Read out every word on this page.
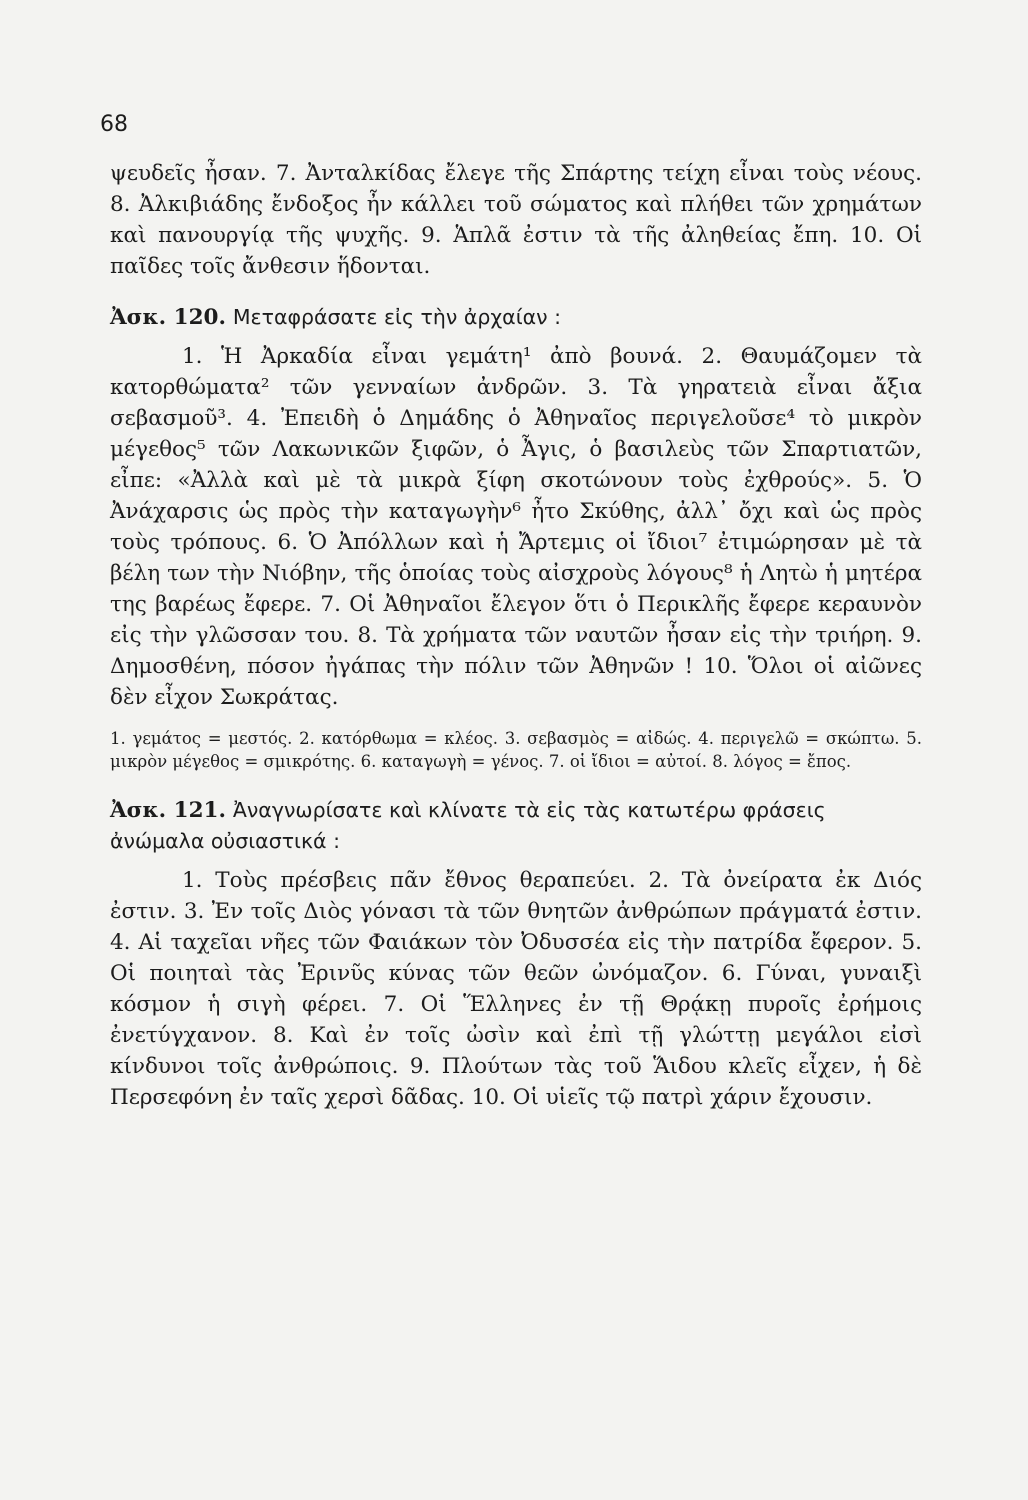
68

ψευδεῖς ἦσαν. 7. Ἀνταλκίδας ἔλεγε τῆς Σπάρτης τείχη εἶναι τοὺς νέους. 8. Ἀλκιβιάδης ἔνδοξος ἦν κάλλει τοῦ σώματος καὶ πλήθει τῶν χρημάτων καὶ πανουργίᾳ τῆς ψυχῆς. 9. Ἁπλᾶ ἐστιν τὰ τῆς ἀληθείας ἔπη. 10. Οἱ παῖδες τοῖς ἄνθεσιν ἥδονται.

Ἀσκ. 120. Μεταφράσατε εἰς τὴν ἀρχαίαν :

1. Ἡ Ἀρκαδία εἶναι γεμάτη¹ ἀπὸ βουνά. 2. Θαυμάζομεν τὰ κατορθώματα² τῶν γενναίων ἀνδρῶν. 3. Τὰ γηρατειὰ εἶναι ἄξια σεβασμοῦ³. 4. Ἐπειδὴ ὁ Δημάδης ὁ Ἀθηναῖος περιγελοῦσε⁴ τὸ μικρὸν μέγεθος⁵ τῶν Λακωνικῶν ξιφῶν, ὁ Ἆγις, ὁ βασιλεὺς τῶν Σπαρτιατῶν, εἶπε: «Ἀλλὰ καὶ μὲ τὰ μικρὰ ξίφη σκοτώνουν τοὺς ἐχθρούς». 5. Ὁ Ἀνάχαρσις ὡς πρὸς τὴν καταγωγὴν⁶ ἦτο Σκύθης, ἀλλ᾽ ὄχι καὶ ὡς πρὸς τοὺς τρόπους. 6. Ὁ Ἀπόλλων καὶ ἡ Ἄρτεμις οἱ ἴδιοι⁷ ἐτιμώρησαν μὲ τὰ βέλη των τὴν Νιόβην, τῆς ὁποίας τοὺς αἰσχροὺς λόγους⁸ ἡ Λητὼ ἡ μητέρα της βαρέως ἔφερε. 7. Οἱ Ἀθηναῖοι ἔλεγον ὅτι ὁ Περικλῆς ἔφερε κεραυνὸν εἰς τὴν γλῶσσαν του. 8. Τὰ χρήματα τῶν ναυτῶν ἦσαν εἰς τὴν τριήρη. 9. Δημοσθένη, πόσον ἠγάπας τὴν πόλιν τῶν Ἀθηνῶν ! 10. Ὅλοι οἱ αἰῶνες δὲν εἶχον Σωκράτας.

1. γεμάτος = μεστός. 2. κατόρθωμα = κλέος. 3. σεβασμὸς = αἰδώς. 4. περιγελῶ = σκώπτω. 5. μικρὸν μέγεθος = σμικρότης. 6. καταγωγὴ = γένος. 7. οἱ ἴδιοι = αὐτοί. 8. λόγος = ἔπος.

Ἀσκ. 121. Ἀναγνωρίσατε καὶ κλίνατε τὰ εἰς τὰς κατωτέρω φράσεις ἀνώμαλα οὐσιαστικά :

1. Τοὺς πρέσβεις πᾶν ἔθνος θεραπεύει. 2. Τὰ ὀνείρατα ἐκ Διός ἐστιν. 3. Ἐν τοῖς Διὸς γόνασι τὰ τῶν θνητῶν ἀνθρώπων πράγματά ἐστιν. 4. Αἱ ταχεῖαι νῆες τῶν Φαιάκων τὸν Ὀδυσσέα εἰς τὴν πατρίδα ἔφερον. 5. Οἱ ποιηταὶ τὰς Ἐρινῦς κύνας τῶν θεῶν ὠνόμαζον. 6. Γύναι, γυναιξὶ κόσμον ἡ σιγὴ φέρει. 7. Οἱ Ἕλληνες ἐν τῇ Θρᾴκῃ πυροῖς ἐρήμοις ἐνετύγχανον. 8. Καὶ ἐν τοῖς ὠσὶν καὶ ἐπὶ τῇ γλώττῃ μεγάλοι εἰσὶ κίνδυνοι τοῖς ἀνθρώποις. 9. Πλούτων τὰς τοῦ Ἅιδου κλεῖς εἶχεν, ἡ δὲ Περσεφόνη ἐν ταῖς χερσὶ δᾶδας. 10. Οἱ υἱεῖς τῷ πατρὶ χάριν ἔχουσιν.
